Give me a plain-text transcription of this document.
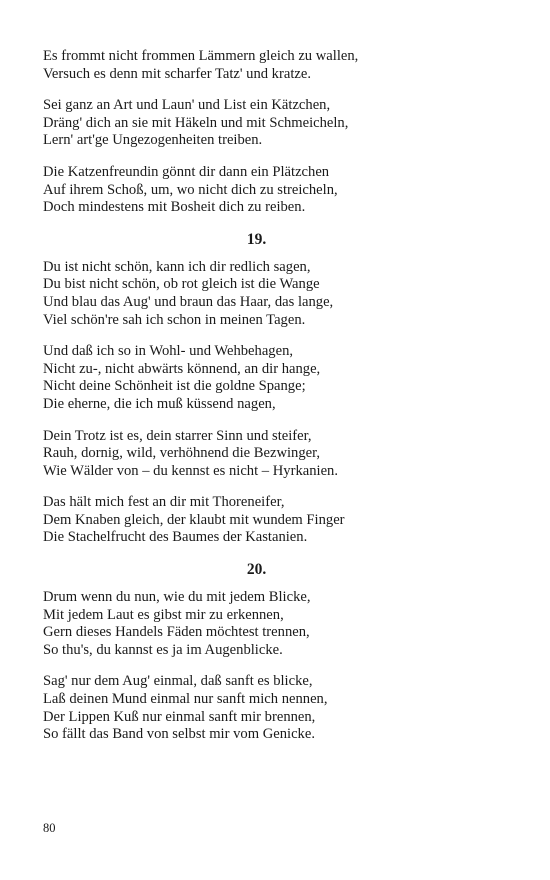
Es frommt nicht frommen Lämmern gleich zu wallen,
Versuch es denn mit scharfer Tatz' und kratze.
Sei ganz an Art und Laun' und List ein Kätzchen,
Dräng' dich an sie mit Häkeln und mit Schmeicheln,
Lern' art'ge Ungezogenheiten treiben.
Die Katzenfreundin gönnt dir dann ein Plätzchen
Auf ihrem Schoß, um, wo nicht dich zu streicheln,
Doch mindestens mit Bosheit dich zu reiben.
19.
Du ist nicht schön, kann ich dir redlich sagen,
Du bist nicht schön, ob rot gleich ist die Wange
Und blau das Aug' und braun das Haar, das lange,
Viel schön're sah ich schon in meinen Tagen.
Und daß ich so in Wohl- und Wehbehagen,
Nicht zu-, nicht abwärts könnend, an dir hange,
Nicht deine Schönheit ist die goldne Spange;
Die eherne, die ich muß küssend nagen,
Dein Trotz ist es, dein starrer Sinn und steifer,
Rauh, dornig, wild, verhöhnend die Bezwinger,
Wie Wälder von – du kennst es nicht – Hyrkanien.
Das hält mich fest an dir mit Thoreneifer,
Dem Knaben gleich, der klaubt mit wundem Finger
Die Stachelfrucht des Baumes der Kastanien.
20.
Drum wenn du nun, wie du mit jedem Blicke,
Mit jedem Laut es gibst mir zu erkennen,
Gern dieses Handels Fäden möchtest trennen,
So thu's, du kannst es ja im Augenblicke.
Sag' nur dem Aug' einmal, daß sanft es blicke,
Laß deinen Mund einmal nur sanft mich nennen,
Der Lippen Kuß nur einmal sanft mir brennen,
So fällt das Band von selbst mir vom Genicke.
80
